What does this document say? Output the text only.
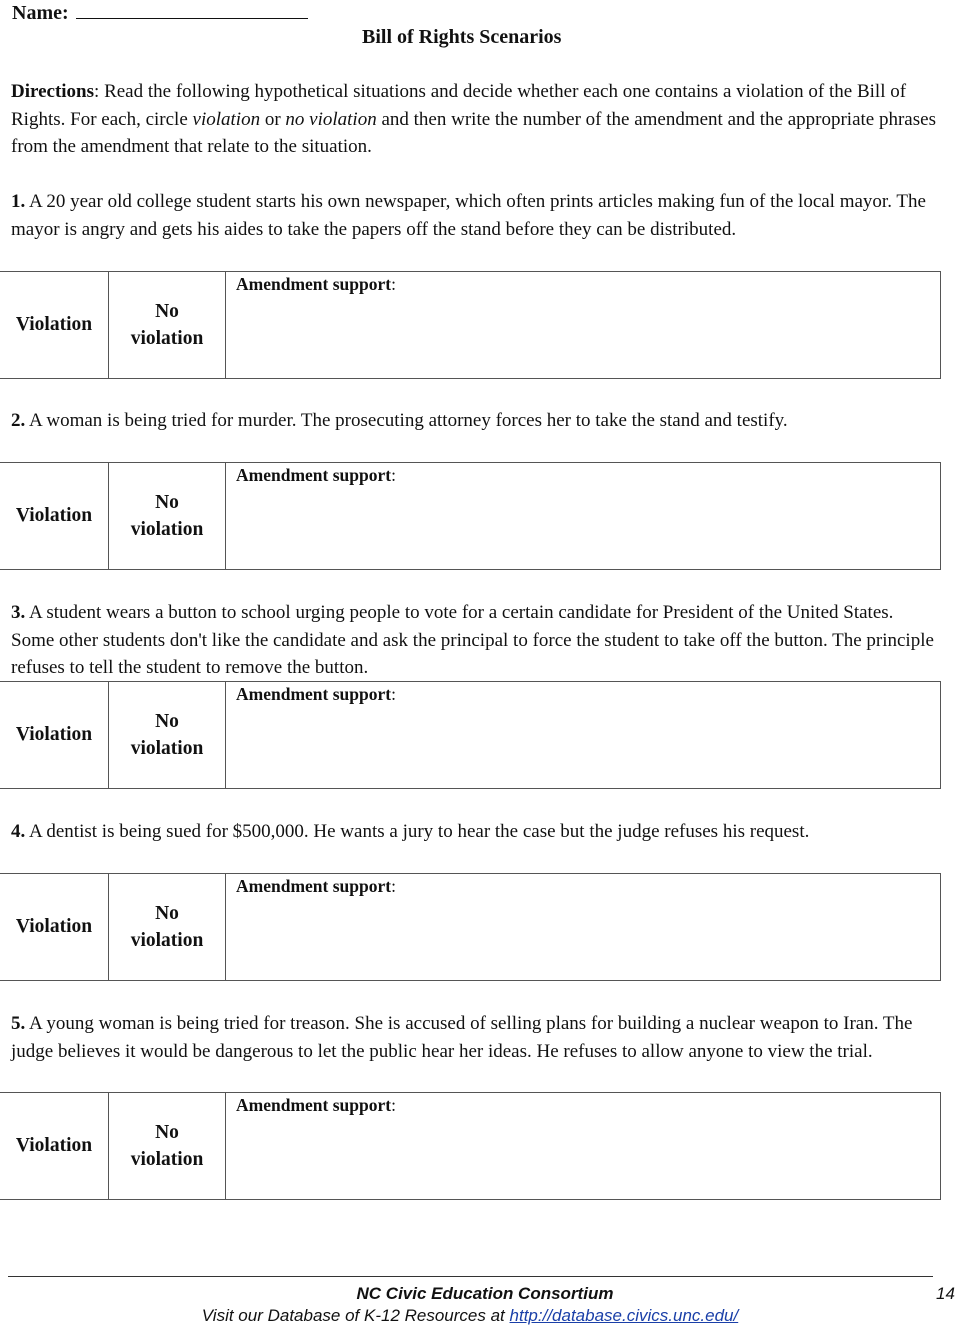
Name:
Bill of Rights Scenarios
Directions: Read the following hypothetical situations and decide whether each one contains a violation of the Bill of Rights. For each, circle violation or no violation and then write the number of the amendment and the appropriate phrases from the amendment that relate to the situation.
1. A 20 year old college student starts his own newspaper, which often prints articles making fun of the local mayor. The mayor is angry and gets his aides to take the papers off the stand before they can be distributed.
Violation	No
violation	
Amendment support:
2. A woman is being tried for murder. The prosecuting attorney forces her to take the stand and testify.
Violation	No
violation	
Amendment support:
3. A student wears a button to school urging people to vote for a certain candidate for President of the United States. Some other students don't like the candidate and ask the principal to force the student to take off the button. The principle refuses to tell the student to remove the button.
Violation	No
violation	
Amendment support:
4. A dentist is being sued for $500,000. He wants a jury to hear the case but the judge refuses his request.
Violation	No
violation	
Amendment support:
5. A young woman is being tried for treason. She is accused of selling plans for building a nuclear weapon to Iran. The judge believes it would be dangerous to let the public hear her ideas. He refuses to allow anyone to view the trial.
Violation	No
violation	
Amendment support:
NC Civic Education Consortium	14
Visit our Database of K-12 Resources at http://database.civics.unc.edu/
